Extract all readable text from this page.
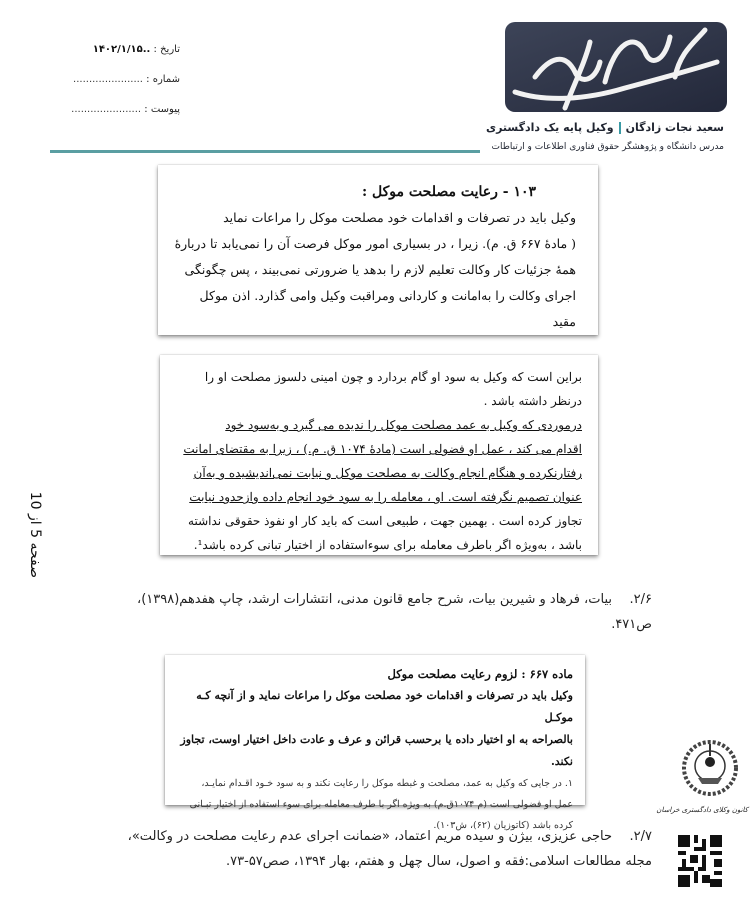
سعید نجات زادگانوکیل پایه یک دادگستری
مدرس دانشگاه و پژوهشگر حقوق فناوری اطلاعات و ارتباطات
تاریخ : ..۱۴۰۲/۱/۱۵
شماره : ......................
پیوست : ......................

۱۰۳ - رعایت مصلحت موکل :

وکیل باید در تصرفات و اقدامات خود مصلحت موکل را مراعات نماید

( مادهٔ ۶۶۷ ق. م). زیرا ، در بسیاری امور موکل فرصت آن را نمی‌یابد تا دربارهٔ

همهٔ جزئیات کار وکالت تعلیم لازم را بدهد یا ضرورتی نمی‌بیند ، پس چگونگی

اجرای وکالت را به‌امانت و کاردانی ومراقبت وکیل وامی گذارد. اذن موکل مقید

براین است که وکیل به سود او گام بردارد و چون امینی دلسوز مصلحت او را

درنظر داشته باشد .

درموردی که وکیل به عمد مصلحت موکل را نديده می گیرد و به‌سود خود

اقدام می کند ، عمل او فضولی است (مادهٔ ۱۰۷۴ ق. م.) ، زیرا به مقتضای امانت

رفتارنکرده و هنگام انجام وکالت به مصلحت موکل و نیابت نمی‌اندیشیده و به‌آن

عنوان تصمیم نگرفته است. او ، معامله را به سود خود انجام داده وازحدود نیابت

تجاوز کرده است . بهمین جهت ، طبیعی است که باید کار او نفوذ حقوقی نداشته

باشد ، به‌ویژه اگر باطرف معامله برای سوءاستفاده از اختیار تبانی کرده باشد¹.

۲/۶.بیات، فرهاد و شیرین بیات، شرح جامع قانون مدنی، انتشارات ارشد، چاپ هفدهم(۱۳۹۸)، ص۴۷۱.

ماده ۶۶۷ : لزوم رعایت مصلحت موکل

وکیل باید در تصرفات و اقدامات خود مصلحت موکل را مراعات نماید و از آنچه کـه موکـل

بالصراحه به او اختیار داده یا برحسب قرائن و عرف و عادت داخل اختیار اوست، تجاوز نکند.

۱. در جایی که وکیل به عمد، مصلحت و غبطه موکل را رعایت نکند و به سود خـود اقـدام نمایـد،

عمل او فضولی است (م ۱۰۷۴ق.م) به ویژه اگر با طرف معامله برای سوء استفاده از اختیار تبـانی

کرده باشد (کاتوزیان (۶۲)، ش۱۰۳).

۲/۷.حاجی عزیزی، بیژن و سیده مریم اعتماد، «ضمانت اجرای عدم رعایت مصلحت در وکالت»، مجله مطالعات اسلامی:فقه و اصول، سال چهل و هفتم، بهار ۱۳۹۴، صص۵۷-۷۳.
صفحه 5 از 10
کانون وکلای دادگستری خراسان
